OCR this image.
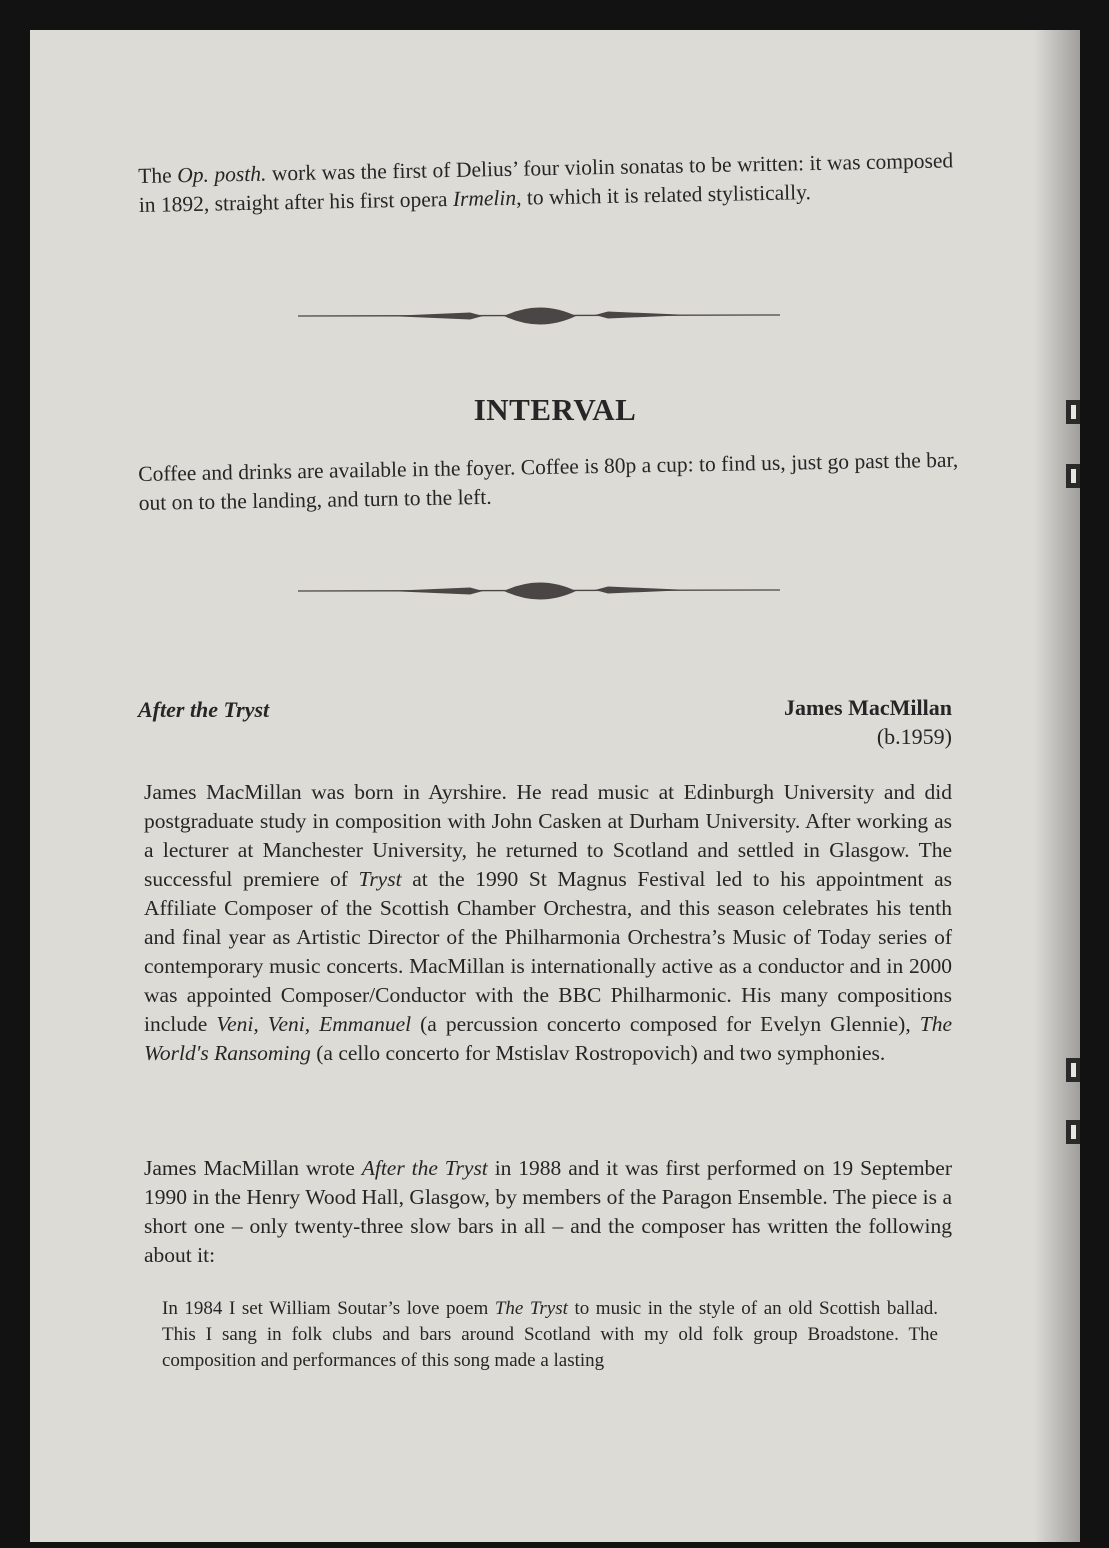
The Op. posth. work was the first of Delius’ four violin sonatas to be written: it was composed in 1892, straight after his first opera Irmelin, to which it is related stylistically.

INTERVAL

Coffee and drinks are available in the foyer. Coffee is 80p a cup: to find us, just go past the bar, out on to the landing, and turn to the left.

After the Tryst	James MacMillan
(b.1959)

James MacMillan was born in Ayrshire. He read music at Edinburgh University and did postgraduate study in composition with John Casken at Durham University. After working as a lecturer at Manchester University, he returned to Scotland and settled in Glasgow. The successful premiere of Tryst at the 1990 St Magnus Festival led to his appointment as Affiliate Composer of the Scottish Chamber Orchestra, and this season celebrates his tenth and final year as Artistic Director of the Philharmonia Orchestra’s Music of Today series of contemporary music concerts. MacMillan is internationally active as a conductor and in 2000 was appointed Composer/Conductor with the BBC Philharmonic. His many compositions include Veni, Veni, Emmanuel (a percussion concerto composed for Evelyn Glennie), The World's Ransoming (a cello concerto for Mstislav Rostropovich) and two symphonies.

James MacMillan wrote After the Tryst in 1988 and it was first performed on 19 September 1990 in the Henry Wood Hall, Glasgow, by members of the Paragon Ensemble. The piece is a short one – only twenty-three slow bars in all – and the composer has written the following about it:

In 1984 I set William Soutar’s love poem The Tryst to music in the style of an old Scottish ballad. This I sang in folk clubs and bars around Scotland with my old folk group Broadstone. The composition and performances of this song made a lasting
